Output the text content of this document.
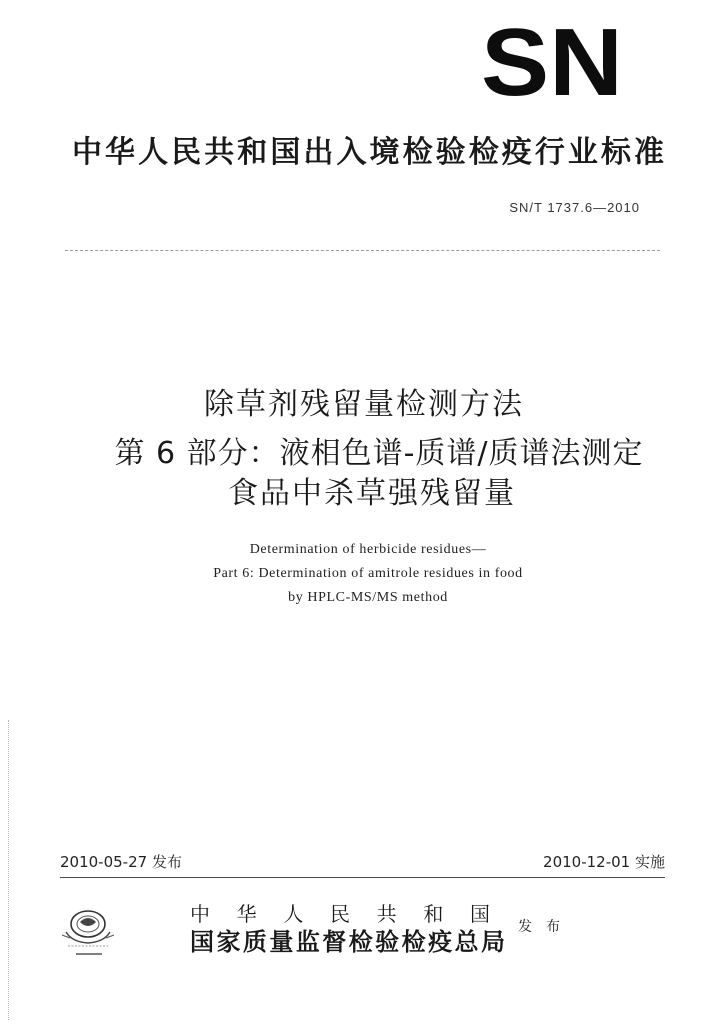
SN
中华人民共和国出入境检验检疫行业标准
SN/T 1737.6—2010
除草剂残留量检测方法
第 6 部分：液相色谱-质谱/质谱法测定
食品中杀草强残留量
Determination of herbicide residues—
Part 6: Determination of amitrole residues in food
by HPLC-MS/MS method
2010-05-27 发布	2010-12-01 实施
中 华 人 民 共 和 国
国家质量监督检验检疫总局
发 布
